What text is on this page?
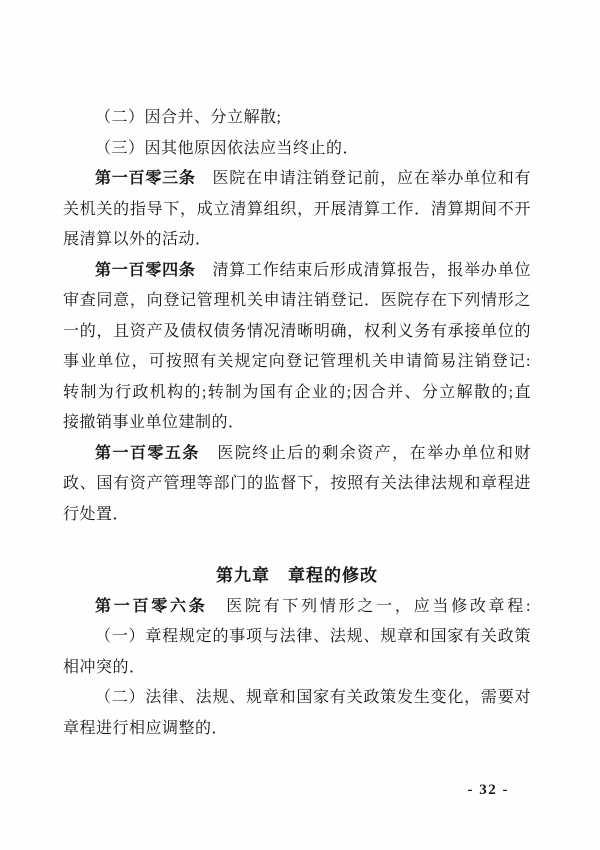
（二）因合并、分立解散;
（三）因其他原因依法应当终止的．
第一百零三条　医院在申请注销登记前，应在举办单位和有
关机关的指导下，成立清算组织，开展清算工作．清算期间不开
展清算以外的活动．
第一百零四条　清算工作结束后形成清算报告，报举办单位
审查同意，向登记管理机关申请注销登记．医院存在下列情形之
一的，且资产及债权债务情况清晰明确，权利义务有承接单位的
事业单位，可按照有关规定向登记管理机关申请简易注销登记:
转制为行政机构的;转制为国有企业的;因合并、分立解散的;直
接撤销事业单位建制的．
第一百零五条　医院终止后的剩余资产，在举办单位和财
政、国有资产管理等部门的监督下，按照有关法律法规和章程进
行处置．
第九章　章程的修改
第一百零六条　医院有下列情形之一，应当修改章程:
（一）章程规定的事项与法律、法规、规章和国家有关政策
相冲突的．
（二）法律、法规、规章和国家有关政策发生变化，需要对
章程进行相应调整的．
- 32 -
